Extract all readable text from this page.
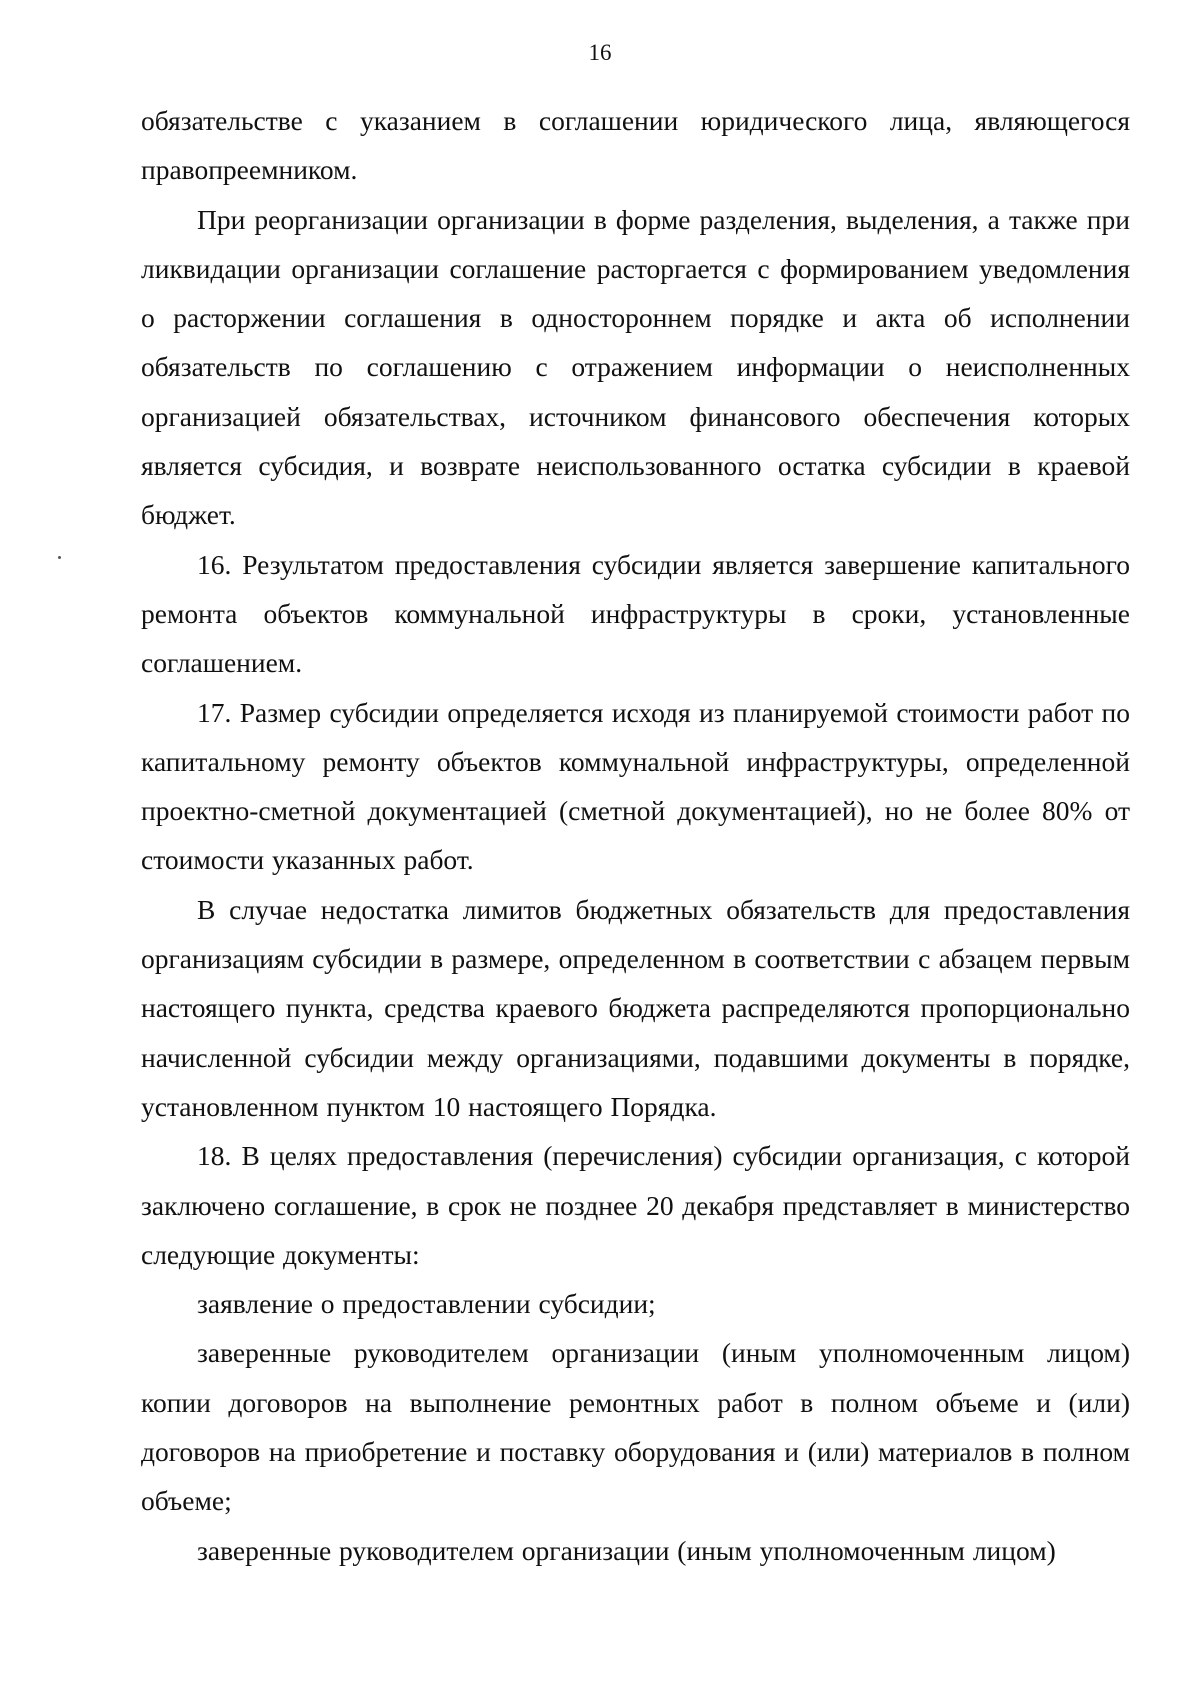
16

обязательстве с указанием в соглашении юридического лица, являющегося правопреемником.

При реорганизации организации в форме разделения, выделения, а также при ликвидации организации соглашение расторгается с формированием уведомления о расторжении соглашения в одностороннем порядке и акта об исполнении обязательств по соглашению с отражением информации о неисполненных организацией обязательствах, источником финансового обеспечения которых является субсидия, и возврате неиспользованного остатка субсидии в краевой бюджет.

16. Результатом предоставления субсидии является завершение капитального ремонта объектов коммунальной инфраструктуры в сроки, установленные соглашением.

17. Размер субсидии определяется исходя из планируемой стоимости работ по капитальному ремонту объектов коммунальной инфраструктуры, определенной проектно-сметной документацией (сметной документацией), но не более 80% от стоимости указанных работ.

В случае недостатка лимитов бюджетных обязательств для предоставления организациям субсидии в размере, определенном в соответствии с абзацем первым настоящего пункта, средства краевого бюджета распределяются пропорционально начисленной субсидии между организациями, подавшими документы в порядке, установленном пунктом 10 настоящего Порядка.

18. В целях предоставления (перечисления) субсидии организация, с которой заключено соглашение, в срок не позднее 20 декабря представляет в министерство следующие документы:

заявление о предоставлении субсидии;

заверенные руководителем организации (иным уполномоченным лицом) копии договоров на выполнение ремонтных работ в полном объеме и (или) договоров на приобретение и поставку оборудования и (или) материалов в полном объеме;

заверенные руководителем организации (иным уполномоченным лицом)
